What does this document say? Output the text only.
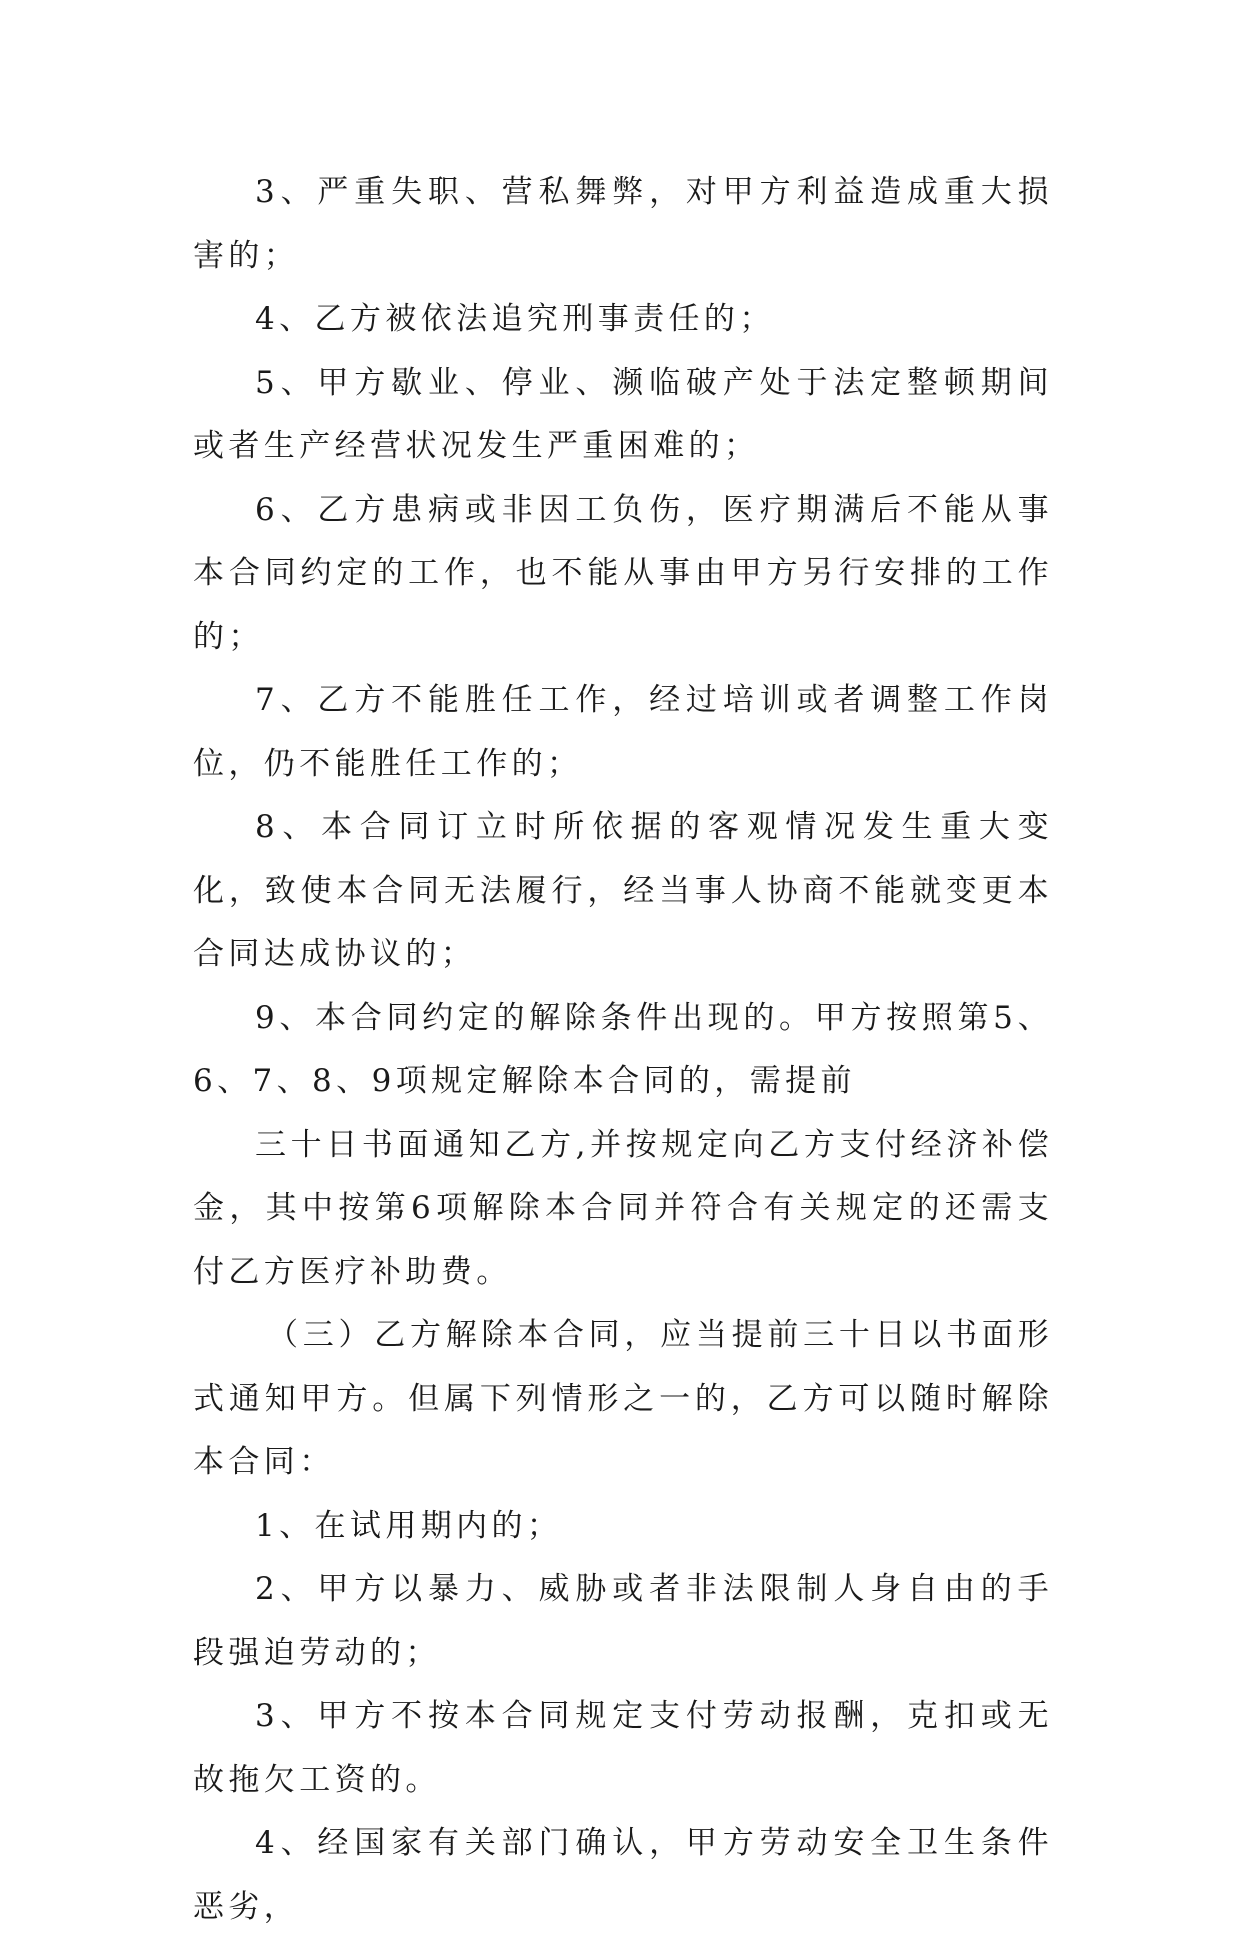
3、严重失职、营私舞弊，对甲方利益造成重大损害的；

4、乙方被依法追究刑事责任的；

5、甲方歇业、停业、濒临破产处于法定整顿期间或者生产经营状况发生严重困难的；

6、乙方患病或非因工负伤，医疗期满后不能从事本合同约定的工作，也不能从事由甲方另行安排的工作的；

7、乙方不能胜任工作，经过培训或者调整工作岗位，仍不能胜任工作的；

8、本合同订立时所依据的客观情况发生重大变化，致使本合同无法履行，经当事人协商不能就变更本合同达成协议的；

9、本合同约定的解除条件出现的。甲方按照第5、6、7、8、9项规定解除本合同的，需提前

三十日书面通知乙方,并按规定向乙方支付经济补偿金，其中按第6项解除本合同并符合有关规定的还需支付乙方医疗补助费。

（三）乙方解除本合同，应当提前三十日以书面形式通知甲方。但属下列情形之一的，乙方可以随时解除本合同：

1、在试用期内的；

2、甲方以暴力、威胁或者非法限制人身自由的手段强迫劳动的；

3、甲方不按本合同规定支付劳动报酬，克扣或无故拖欠工资的。

4、经国家有关部门确认，甲方劳动安全卫生条件恶劣，
